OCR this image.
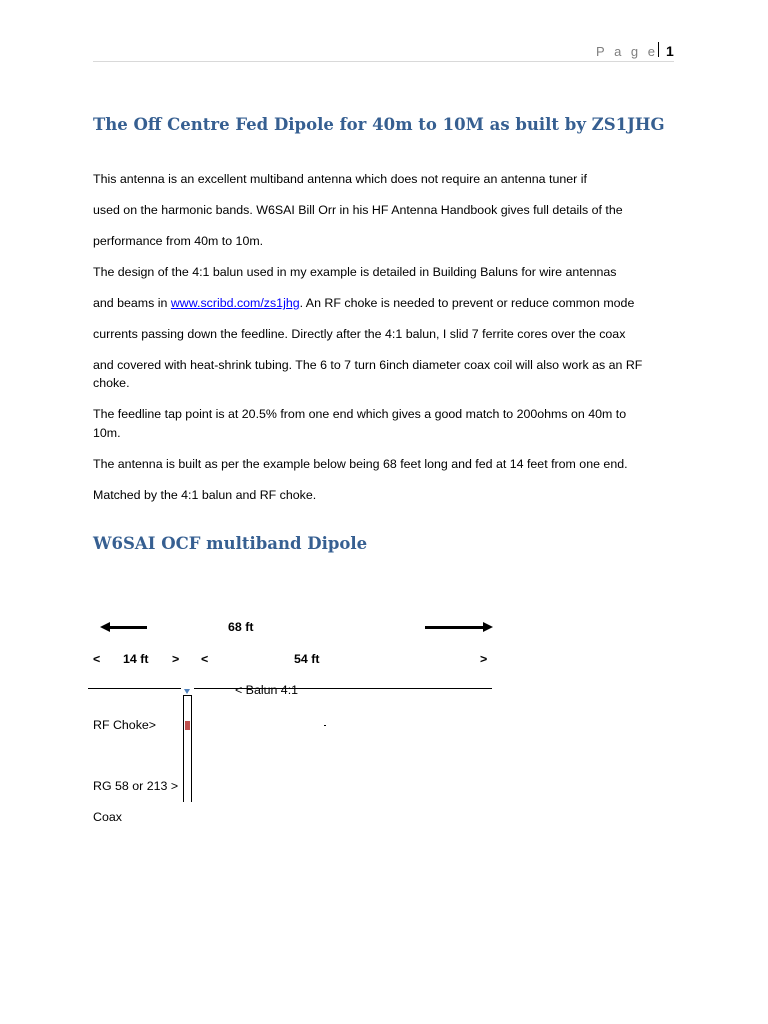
P a g e 1
The Off Centre Fed Dipole for 40m to 10M as built by ZS1JHG
This antenna is an excellent multiband antenna which does not require an antenna tuner if
used on the harmonic bands. W6SAI Bill Orr in his HF Antenna Handbook gives full details of the
performance from 40m to 10m.
The design of the 4:1 balun used in my example is detailed in Building Baluns for wire antennas
and beams in www.scribd.com/zs1jhg. An RF choke is needed to prevent or reduce common mode
currents passing down the feedline. Directly after the 4:1 balun, I slid 7 ferrite cores over the coax
and covered with heat-shrink tubing. The 6 to 7 turn 6inch diameter coax coil will also work as an RF
choke.
The feedline tap point is at 20.5% from one end which gives a good match to 200ohms on 40m to
10m.
The antenna is built as per the example below being 68 feet long and fed at 14 feet from one end.
Matched by the 4:1 balun and RF choke.
W6SAI OCF multiband Dipole
68 ft
< 14 ft > <	54 ft	>
< Balun 4:1
RF Choke>
RG 58 or 213 >
Coax
